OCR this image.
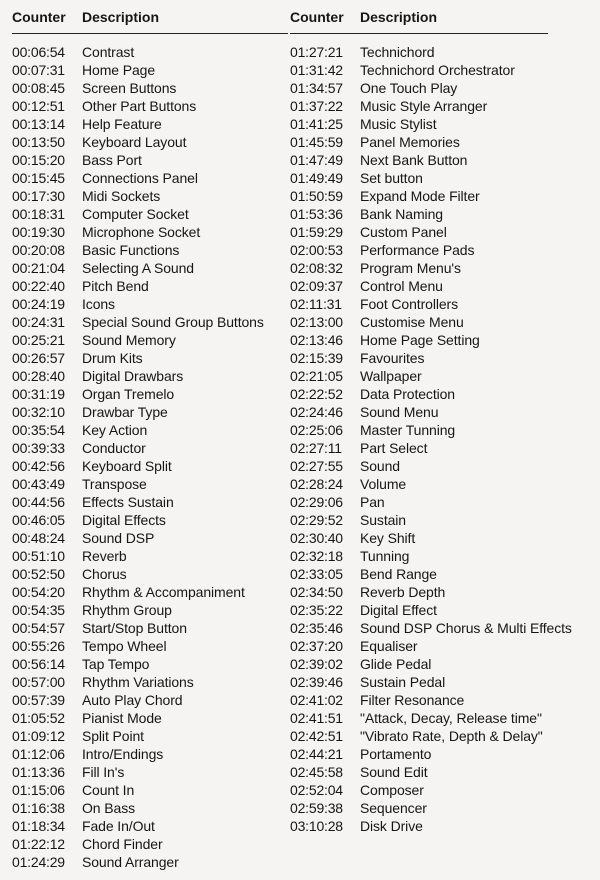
Counter Description
00:06:54 Contrast
00:07:31 Home Page
00:08:45 Screen Buttons
00:12:51 Other Part Buttons
00:13:14 Help Feature
00:13:50 Keyboard Layout
00:15:20 Bass Port
00:15:45 Connections Panel
00:17:30 Midi Sockets
00:18:31 Computer Socket
00:19:30 Microphone Socket
00:20:08 Basic Functions
00:21:04 Selecting A Sound
00:22:40 Pitch Bend
00:24:19 Icons
00:24:31 Special Sound Group Buttons
00:25:21 Sound Memory
00:26:57 Drum Kits
00:28:40 Digital Drawbars
00:31:19 Organ Tremelo
00:32:10 Drawbar Type
00:35:54 Key Action
00:39:33 Conductor
00:42:56 Keyboard Split
00:43:49 Transpose
00:44:56 Effects Sustain
00:46:05 Digital Effects
00:48:24 Sound DSP
00:51:10 Reverb
00:52:50 Chorus
00:54:20 Rhythm & Accompaniment
00:54:35 Rhythm Group
00:54:57 Start/Stop Button
00:55:26 Tempo Wheel
00:56:14 Tap Tempo
00:57:00 Rhythm Variations
00:57:39 Auto Play Chord
01:05:52 Pianist Mode
01:09:12 Split Point
01:12:06 Intro/Endings
01:13:36 Fill In's
01:15:06 Count In
01:16:38 On Bass
01:18:34 Fade In/Out
01:22:12 Chord Finder
01:24:29 Sound Arranger
Counter Description
01:27:21 Technichord
01:31:42 Technichord Orchestrator
01:34:57 One Touch Play
01:37:22 Music Style Arranger
01:41:25 Music Stylist
01:45:59 Panel Memories
01:47:49 Next Bank Button
01:49:49 Set button
01:50:59 Expand Mode Filter
01:53:36 Bank Naming
01:59:29 Custom Panel
02:00:53 Performance Pads
02:08:32 Program Menu's
02:09:37 Control Menu
02:11:31 Foot Controllers
02:13:00 Customise Menu
02:13:46 Home Page Setting
02:15:39 Favourites
02:21:05 Wallpaper
02:22:52 Data Protection
02:24:46 Sound Menu
02:25:06 Master Tunning
02:27:11 Part Select
02:27:55 Sound
02:28:24 Volume
02:29:06 Pan
02:29:52 Sustain
02:30:40 Key Shift
02:32:18 Tunning
02:33:05 Bend Range
02:34:50 Reverb Depth
02:35:22 Digital Effect
02:35:46 Sound DSP Chorus & Multi Effects
02:37:20 Equaliser
02:39:02 Glide Pedal
02:39:46 Sustain Pedal
02:41:02 Filter Resonance
02:41:51 "Attack, Decay, Release time"
02:42:51 "Vibrato Rate, Depth & Delay"
02:44:21 Portamento
02:45:58 Sound Edit
02:52:04 Composer
02:59:38 Sequencer
03:10:28 Disk Drive
